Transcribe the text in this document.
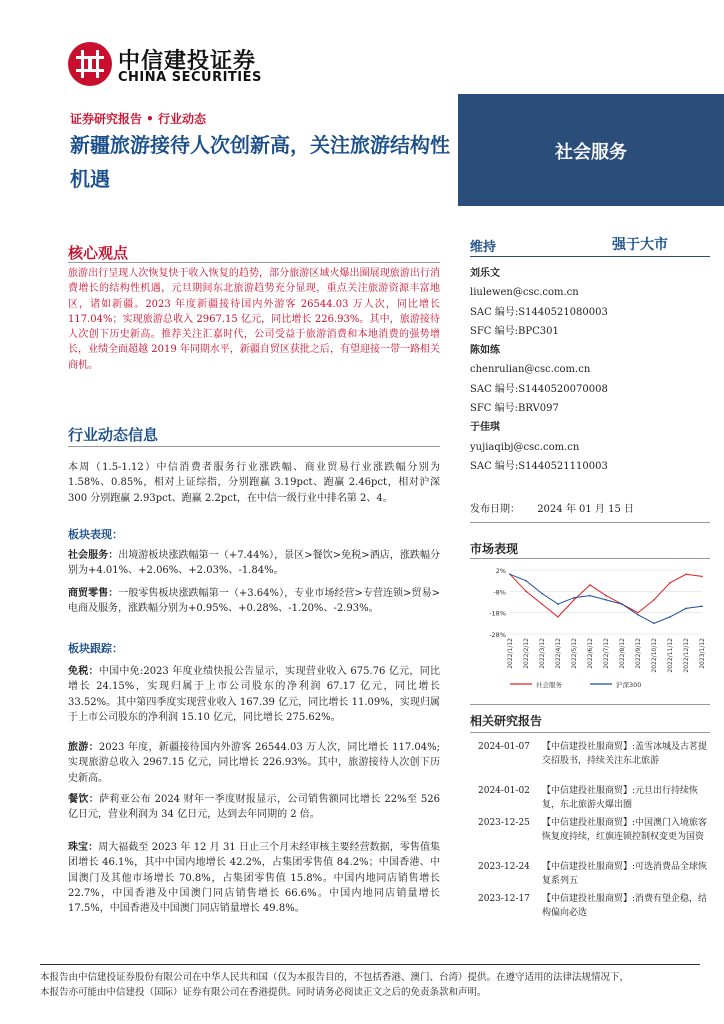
中信建投证券
CHINA SECURITIES
证券研究报告 • 行业动态
新疆旅游接待人次创新高，关注旅游结构性机遇
社会服务
核心观点
旅游出行呈现人次恢复快于收入恢复的趋势，部分旅游区域火爆出圈展现旅游出行消费增长的结构性机遇，元旦期间东北旅游趋势充分显现，重点关注旅游资源丰富地区，诸如新疆。2023 年度新疆接待国内外游客 26544.03 万人次，同比增长 117.04%；实现旅游总收入 2967.15 亿元，同比增长 226.93%。其中，旅游接待人次创下历史新高。推荐关注汇嘉时代，公司受益于旅游消费和本地消费的强势增长，业绩全面超越 2019 年同期水平，新疆自贸区获批之后，有望迎接一带一路相关商机。
行业动态信息
本周（1.5-1.12）中信消费者服务行业涨跌幅、商业贸易行业涨跌幅分别为 1.58%、0.85%，相对上证综指，分别跑赢 3.19pct、跑赢 2.46pct，相对沪深 300 分别跑赢 2.93pct、跑赢 2.2pct，在中信一级行业中排名第 2、4。
板块表现：
社会服务：出境游板块涨跌幅第一（+7.44%），景区>餐饮>免税>酒店，涨跌幅分别为+4.01%、+2.06%、+2.03%、-1.84%。
商贸零售：一般零售板块涨跌幅第一（+3.64%），专业市场经营>专营连锁>贸易>电商及服务，涨跌幅分别为+0.95%、+0.28%、-1.20%、-2.93%。
板块跟踪：
免税：中国中免:2023 年度业绩快报公告显示，实现营业收入 675.76 亿元，同比增长 24.15%，实现归属于上市公司股东的净利润 67.17 亿元，同比增长 33.52%。其中第四季度实现营业收入 167.39 亿元，同比增长 11.09%，实现归属于上市公司股东的净利润 15.10 亿元，同比增长 275.62%。
旅游：2023 年度，新疆接待国内外游客 26544.03 万人次，同比增长 117.04%;实现旅游总收入 2967.15 亿元，同比增长 226.93%。其中，旅游接待人次创下历史新高。
餐饮：萨莉亚公布 2024 财年一季度财报显示，公司销售额同比增长 22%至 526 亿日元，营业利润为 34 亿日元，达到去年同期的 2 倍。
珠宝：周大福截至 2023 年 12 月 31 日止三个月未经审核主要经营数据，零售值集团增长 46.1%，其中中国内地增长 42.2%，占集团零售值 84.2%；中国香港、中国澳门及其他市场增长 70.8%，占集团零售值 15.8%。中国内地同店销售增长 22.7%，中国香港及中国澳门同店销售增长 66.6%。中国内地同店销量增长 17.5%，中国香港及中国澳门同店销量增长 49.8%。
维持	强于大市
刘乐文
liulewen@csc.com.cn
SAC 编号:S1440521080003
SFC 编号:BPC301
陈如练
chenrulian@csc.com.cn
SAC 编号:S1440520070008
SFC 编号:BRV097
于佳琪
yujiaqibj@csc.com.cn
SAC 编号:S1440521110003
发布日期： 2024 年 01 月 15 日
市场表现
2%
-8%
-18%
-28%
2022/1/12 2022/2/12 2022/3/12 2022/4/12 2022/5/12 2022/6/12 2022/7/12 2022/8/12 2022/9/12 2022/10/12 2022/11/12 2022/12/12 2023/1/12
社会服务	沪深300
相关研究报告
2024-01-07 【中信建投社服商贸】:盖雪冰城及古茗提交招股书，持续关注东北旅游
2024-01-02 【中信建投社服商贸】:元旦出行持续恢复，东北旅游火爆出圈
2023-12-25 【中信建投社服商贸】:中国澳门入境旅客恢复度持续，红旗连锁控制权变更为国资
2023-12-24 【中信建投社服商贸】:可选消费品全球恢复系列五
2023-12-17 【中信建投社服商贸】:消费有望企稳，结构偏向必选
本报告由中信建投证券股份有限公司在中华人民共和国（仅为本报告目的，不包括香港、澳门、台湾）提供。在遵守适用的法律法规情况下，
本报告亦可能由中信建投（国际）证券有限公司在香港提供。同时请务必阅读正文之后的免责条款和声明。
